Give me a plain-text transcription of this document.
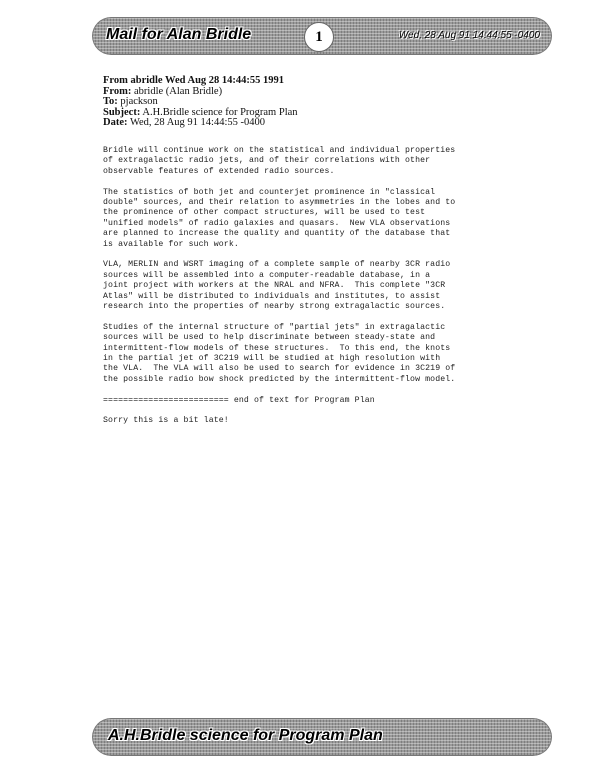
Mail for Alan Bridle	1	Wed, 28 Aug 91 14:44:55 -0400
From abridle Wed Aug 28 14:44:55 1991
From: abridle (Alan Bridle)
To: pjackson
Subject: A.H.Bridle science for Program Plan
Date: Wed, 28 Aug 91 14:44:55 -0400

Bridle will continue work on the statistical and individual properties
of extragalactic radio jets, and of their correlations with other
observable features of extended radio sources.

The statistics of both jet and counterjet prominence in "classical
double" sources, and their relation to asymmetries in the lobes and to
the prominence of other compact structures, will be used to test
"unified models" of radio galaxies and quasars.  New VLA observations
are planned to increase the quality and quantity of the database that
is available for such work.

VLA, MERLIN and WSRT imaging of a complete sample of nearby 3CR radio
sources will be assembled into a computer-readable database, in a
joint project with workers at the NRAL and NFRA.  This complete "3CR
Atlas" will be distributed to individuals and institutes, to assist
research into the properties of nearby strong extragalactic sources.

Studies of the internal structure of "partial jets" in extragalactic
sources will be used to help discriminate between steady-state and
intermittent-flow models of these structures.  To this end, the knots
in the partial jet of 3C219 will be studied at high resolution with
the VLA.  The VLA will also be used to search for evidence in 3C219 of
the possible radio bow shock predicted by the intermittent-flow model.

========================= end of text for Program Plan

Sorry this is a bit late!

A.H.Bridle science for Program Plan
